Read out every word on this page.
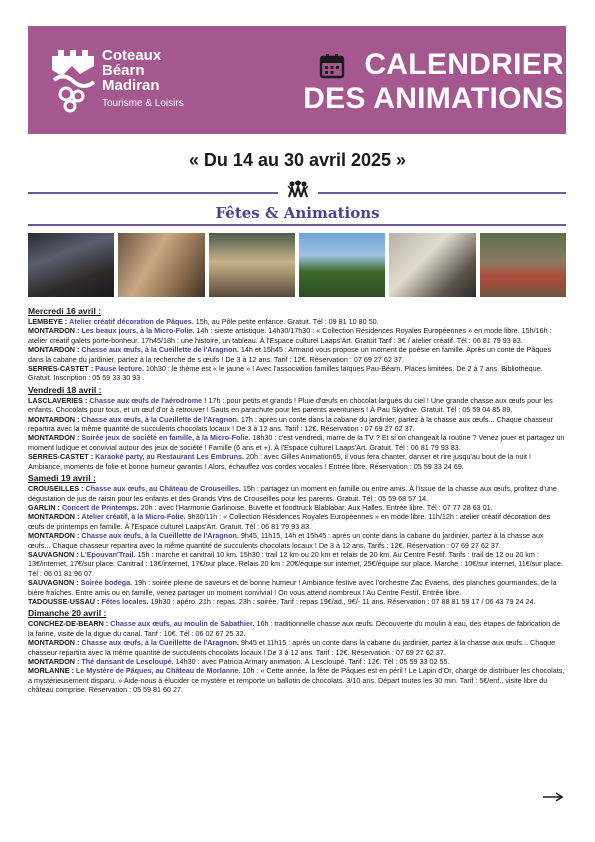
Coteaux
Béarn
Madiran
Tourisme & Loisirs
CALENDRIER
DES ANIMATIONS
« Du 14 au 30 avril 2025 »
Fêtes & Animations
Mercredi 16 avril :
LEMBEYE : Atelier créatif décoration de Pâques. 15h, au Pôle petite enfance. Gratuit. Tél : 09 81 10 80 50.
MONTARDON : Les beaux jours, à la Micro-Folie. 14h : sieste artistique. 14h30/17h30 : « Collection Résidences Royales Européennes » en mode libre. 15h/16h : atelier créatif galets porte-bonheur. 17h45/18h : une histoire, un tableau. À l'Espace culturel Laaps'Art. Gratuit Tarif : 3€ / atelier créatif. Tél : 06 81 79 93 83.
MONTARDON : Chasse aux œufs, à la Cueillette de l'Aragnon. 14h et 15h45 : Armand vous propose un moment de poésie en famille. Après un conte de Pâques dans la cabane du jardinier, partez à la recherche de s œufs ! De 3 à 12 ans. Tarif : 12€. Réservation : 07 69 27 62 37.
SERRES-CASTET : Pause lecture. 10h30 : le thème est « le jaune » ! Avec l'association familles laïques Pau-Béarn. Places limitées. De 2 à 7 ans. Bibliothèque. Gratuit. Inscription : 05 59 33 30 93 .
Vendredi 18 avril :
LASCLAVERIES : Chasse aux œufs de l'aérodrome ! 17h : pour petits et grands ! Pluie d'œufs en chocolat largués du ciel ! Une grande chasse aux œufs pour les enfants. Chocolats pour tous, et un œuf d'or à retrouver ! Sauts en parachute pour les parents aventuriers ! À Pau Skydive. Gratuit. Tél : 05 59 04 85 89.
MONTARDON : Chasse aux œufs, à la Cueillette de l'Aragnon. 17h : après un conte dans la cabane du jardinier, partez à la chasse aux œufs... Chaque chasseur repartira avec la même quantité de succulents chocolats locaux ! De 3 à 12 ans. Tarif : 12€. Réservation : 07 69 27 62 37.
MONTARDON : Soirée jeux de société en famille, à la Micro-Folie. 18h30 : c'est vendredi, marre de la TV ? Et si on changeait la routine ? Venez jouer et partagez un moment ludique et convivial autour des jeux de société ! Famille (6 ans et +). À l'Espace culturel Laaps'Art. Gratuit. Tél : 06 81 79 93 83.
SERRES-CASTET : Karaoké party, au Restaurant Les Embruns. 20h : avec Gilles Animation65, il vous fera chanter, danser et rire jusqu'au bout de la nuit ! Ambiance, moments de folie et bonne humeur garantis ! Alors, échauffez vos cordes vocales ! Entrée libre. Réservation : 05 59 33 24 69.
Samedi 19 avril :
CROUSEILLES : Chasse aux œufs, au Château de Crouseilles. 15h : partagez un moment en famille ou entre amis. À l'issue de la chasse aux œufs, profitez d'une dégustation de jus de raisin pour les enfants et des Grands Vins de Crouseilles pour les parents. Gratuit. Tél : 05 59 68 57 14.
GARLIN : Concert de Printemps. 20h : avec l'Harmonie Garlinoise. Buvette et foodtruck Blablabar. Aux Halles. Entrée libre. Tél : 07 77 28 63 01.
MONTARDON : Atelier créatif, à la Micro-Folie. 9h30/11h : « Collection Résidences Royales Européennes » en mode libre. 11h/12h : atelier créatif décoration des œufs de printemps en famille. À l'Espace culturel Laaps'Art. Gratuit. Tél : 06 81 79 93 83.
MONTARDON : Chasse aux œufs, à la Cueillette de l'Aragnon. 9h45, 11h15, 14h et 15h45 : après un conte dans la cabane du jardinier, partez à la chasse aux œufs... Chaque chasseur repartira avec la même quantité de succulents chocolats locaux ! De 3 à 12 ans. Tarifs : 12€. Réservation : 07 69 27 62 37.
SAUVAGNON : L'Epouvan'Trail. 15h : marche et canitrail 10 km. 15h30 : trail 12 km ou 20 km et relais de 20 km. Au Centre Festif. Tarifs : trail de 12 ou 20 km : 13€/internet, 17€/sur place. Canitrail : 13€/internet, 17€/sur place. Relais 20 km : 20€/équipe sur internet, 25€/équipe sur place. Marche : 10€/sur internet, 11€/sur place. Tél : 06 01 81 96 07.
SAUVAGNON : Soirée bodega. 19h : soirée pleine de saveurs et de bonne humeur ! Ambiance festive avec l'orchestre Zac Evaens, des planches gourmandes, de la bière fraîches. Entre amis ou en famille, venez partager un moment convivial ! On vous attend nombreux ! Au Centre Festif. Entrée libre.
TADOUSSE-USSAU : Fêtes locales. 19h30 : apéro. 21h : repas. 23h : soirée. Tarif : repas 19€/ad., 9€/- 11 ans. Réservation : 07 88 81 59 17 / 06 43 79 24 24.
Dimanche 20 avril :
CONCHEZ-DE-BEARN : Chasse aux œufs, au moulin de Sabathier. 16h : traditionnelle chasse aux œufs. Découverte du moulin à eau, des étapes de fabrication de la farine, visite de la digue du canal. Tarif : 10€. Tél : 06 02 67 25 32.
MONTARDON : Chasse aux œufs, à la Cueillette de l'Aragnon. 9h45 et 11h15 : après un conte dans la cabane du jardinier, partez à la chasse aux œufs... Chaque chasseur repartira avec la même quantité de succulents chocolats locaux ! De 3 à 12 ans. Tarif : 12€. Réservation : 07 69 27 62 37.
MONTARDON : Thé dansant de Lescloupé. 14h30 : avec Patricia Armary animation. À Lescloupé. Tarif : 12€. Tél : 05 59 33 02 55.
MORLANNE : Le Mystère de Pâques, au Château de Morlanne. 10h : « Cette année, la fête de Pâques est en péril ! Le Lapin d'Or, chargé de distribuer les chocolats, a mystérieusement disparu. » Aide-nous à élucider ce mystère et remporte un ballotin de chocolats. 3/10 ans. Départ toutes les 30 min. Tarif : 5€/enf., visite libre du château comprise. Réservation : 05 59 81 60 27.
